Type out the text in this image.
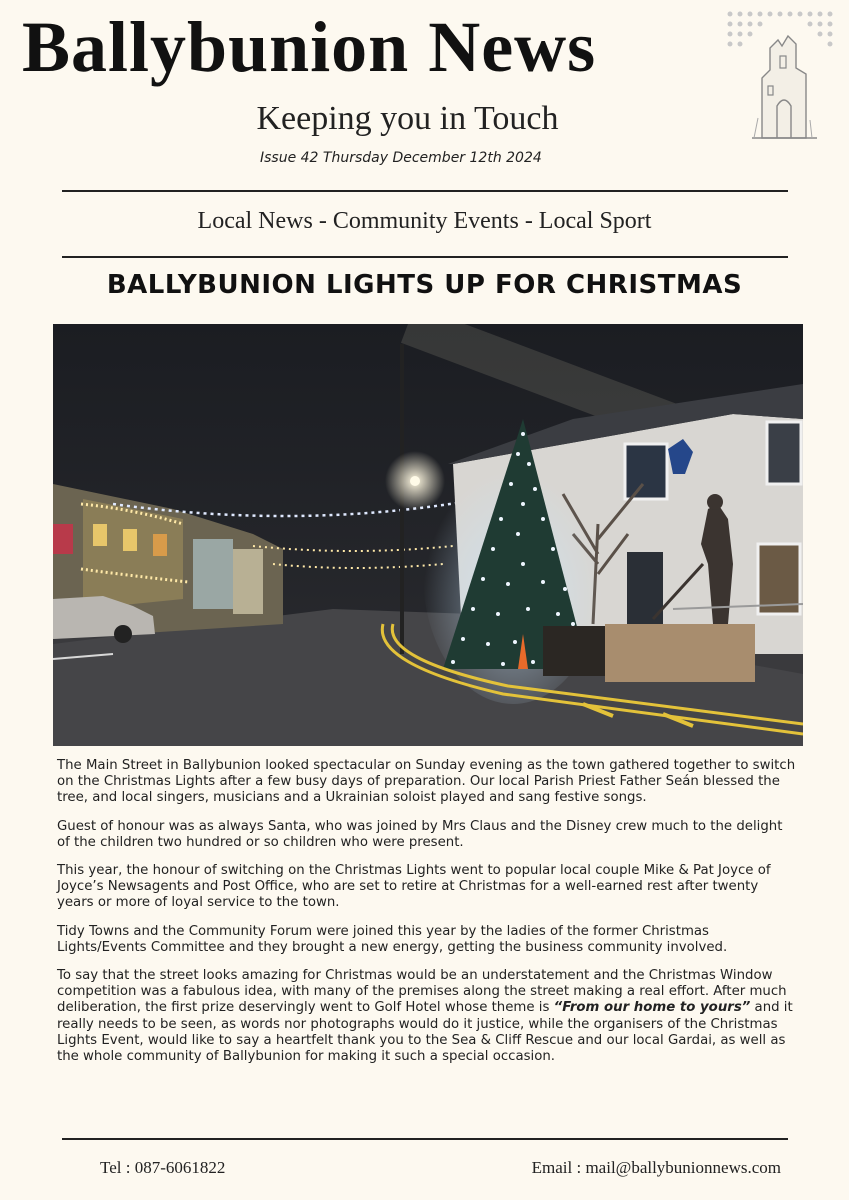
Ballybunion News
Keeping you in Touch
Issue 42 Thursday December 12th 2024
Local News - Community Events - Local Sport
BALLYBUNION LIGHTS UP FOR CHRISTMAS

The Main Street in Ballybunion looked spectacular on Sunday evening as the town gathered together to switch on the Christmas Lights after a few busy days of preparation. Our local Parish Priest Father Seán blessed the tree, and local singers, musicians and a Ukrainian soloist played and sang festive songs.

Guest of honour was as always Santa, who was joined by Mrs Claus and the Disney crew much to the delight of the children two hundred or so children who were present.

This year, the honour of switching on the Christmas Lights went to popular local couple Mike & Pat Joyce of Joyce’s Newsagents and Post Office, who are set to retire at Christmas for a well-earned rest after twenty years or more of loyal service to the town.

Tidy Towns and the Community Forum were joined this year by the ladies of the former Christmas Lights/Events Committee and they brought a new energy, getting the business community involved.

To say that the street looks amazing for Christmas would be an understatement and the Christmas Window competition was a fabulous idea, with many of the premises along the street making a real effort. After much deliberation, the first prize deservingly went to Golf Hotel whose theme is “From our home to yours” and it really needs to be seen, as words nor photographs would do it justice, while the organisers of the Christmas Lights Event, would like to say a heartfelt thank you to the Sea & Cliff Rescue and our local Gardai, as well as the whole community of Ballybunion for making it such a special occasion.

Tel : 087-6061822	Email : mail@ballybunionnews.com
